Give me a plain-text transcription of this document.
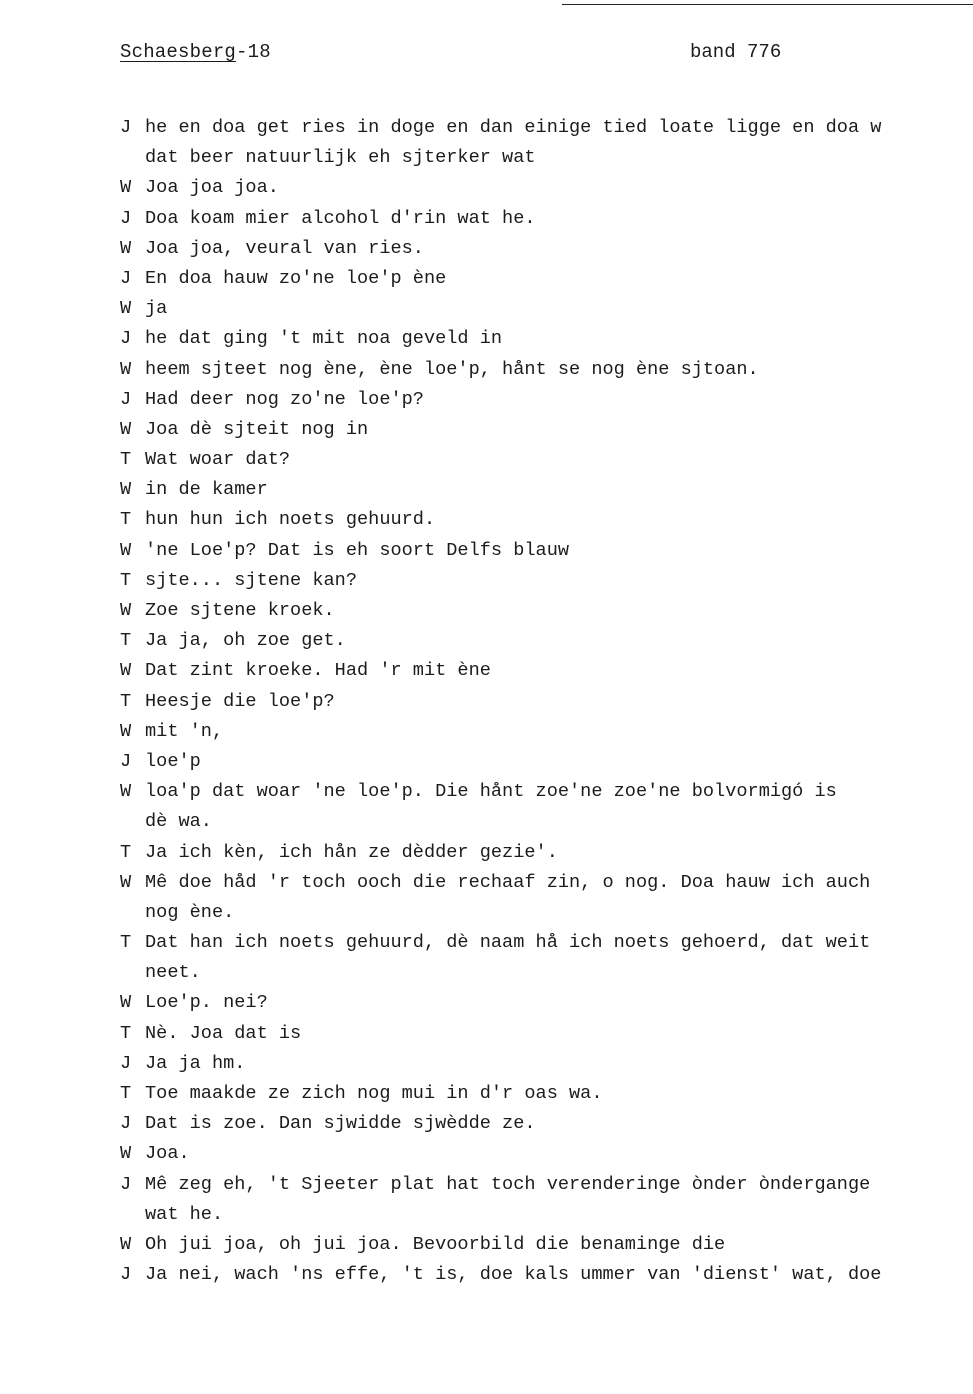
Schaesberg-18	band 776
J he en doa get ries in doge en dan einige tied loate ligge en doa w
dat beer natuurlijk eh sjterker wat
W Joa joa joa.
J Doa koam mier alcohol d'rin wat he.
W Joa joa, veural van ries.
J En doa hauw zo'ne loe'p ène
W ja
J he dat ging 't mit noa geveld in
W heem sjteet nog ène, ène loe'p, hånt se nog ène sjtoan.
J Had deer nog zo'ne loe'p?
W Joa dè sjteit nog in
T Wat woar dat?
W in de kamer
T hun hun ich noets gehuurd.
W 'ne Loe'p? Dat is eh soort Delfs blauw
T sjte... sjtene kan?
W Zoe sjtene kroek.
T Ja ja, oh zoe get.
W Dat zint kroeke. Had 'r mit ène
T Heesje die loe'p?
W mit 'n,
J loe'p
W loa'p dat woar 'ne loe'p. Die hånt zoe'ne zoe'ne bolvormigó is
dè wa.
T Ja ich kèn, ich hån ze dèdder gezie'.
W Mê doe håd 'r toch ooch die rechaaf zin, o nog. Doa hauw ich auch
nog ène.
T Dat han ich noets gehuurd, dè naam hå ich noets gehoerd, dat weit
neet.
W Loe'p. nei?
T Nè. Joa dat is
J Ja ja hm.
T Toe maakde ze zich nog mui in d'r oas wa.
J Dat is zoe. Dan sjwidde sjwèdde ze.
W Joa.
J Mê zeg eh, 't Sjeeter plat hat toch verenderinge ònder òndergange
wat he.
W Oh jui joa, oh jui joa. Bevoorbild die benaminge die
J Ja nei, wach 'ns effe, 't is, doe kals ummer van 'dienst' wat, doe
